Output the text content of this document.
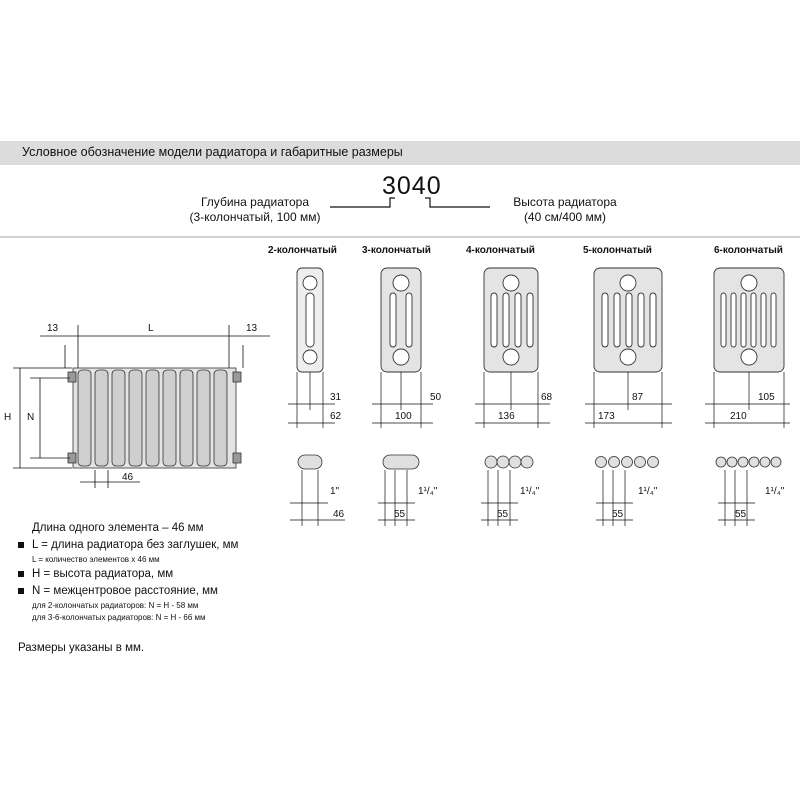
Условное обозначение модели радиатора и габаритные размеры
3040
Глубина радиатора
(3-колончатый, 100 мм)
Высота радиатора
(40 см/400 мм)
13	L	13
H N
46
2-колончатый	3-колончатый	4-колончатый	5-колончатый	6-колончатый
31
62
50
100
68
136
87
173
105
210
1"
46
1¹/₄"
55
1¹/₄"
55
1¹/₄"
55
1¹/₄"
55
Длина одного элемента – 46 мм
L = длина радиатора без заглушек, мм
L = количество элементов x 46 мм
H = высота радиатора, мм
N = межцентровое расстояние, мм
для 2-колончатых радиаторов: N = H - 58 мм
для 3-6-колончатых радиаторов: N = H - 66 мм
Размеры указаны в мм.
